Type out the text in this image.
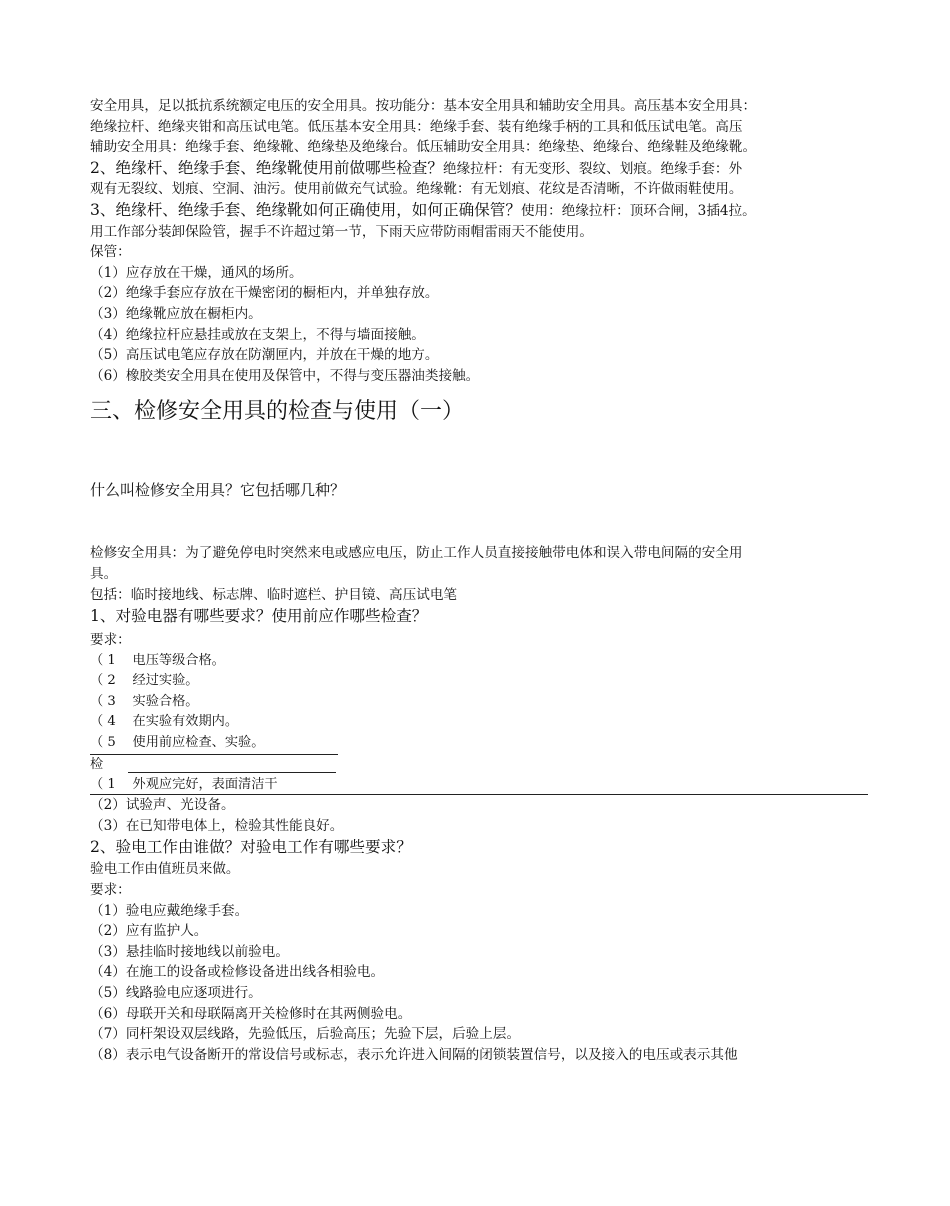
安全用具，足以抵抗系统额定电压的安全用具。按功能分：基本安全用具和辅助安全用具。高压基本安全用具：

绝缘拉杆、绝缘夹钳和高压试电笔。低压基本安全用具：绝缘手套、装有绝缘手柄的工具和低压试电笔。高压

辅助安全用具：绝缘手套、绝缘靴、绝缘垫及绝缘台。低压辅助安全用具：绝缘垫、绝缘台、绝缘鞋及绝缘靴。

2、绝缘杆、绝缘手套、绝缘靴使用前做哪些检查？绝缘拉杆：有无变形、裂纹、划痕。绝缘手套：外

观有无裂纹、划痕、空洞、油污。使用前做充气试验。绝缘靴：有无划痕、花纹是否清晰，不许做雨鞋使用。

3、绝缘杆、绝缘手套、绝缘靴如何正确使用，如何正确保管？使用：绝缘拉杆：顶环合闸，3插4拉。

用工作部分装卸保险管，握手不许超过第一节，下雨天应带防雨帽雷雨天不能使用。

保管：

（1）应存放在干燥，通风的场所。

（2）绝缘手套应存放在干燥密闭的橱柜内，并单独存放。

（3）绝缘靴应放在橱柜内。

（4）绝缘拉杆应悬挂或放在支架上，不得与墙面接触。

（5）高压试电笔应存放在防潮匣内，并放在干燥的地方。

（6）橡胶类安全用具在使用及保管中，不得与变压器油类接触。

三、检修安全用具的检查与使用（一）

什么叫检修安全用具？它包括哪几种？

检修安全用具：为了避免停电时突然来电或感应电压，防止工作人员直接接触带电体和误入带电间隔的安全用

具。

包括：临时接地线、标志牌、临时遮栏、护目镜、高压试电笔

1、对验电器有哪些要求？使用前应作哪些检查？

要求：

（ 1    电压等级合格。

（ 2    经过实验。

（ 3    实验合格。

（ 4    在实验有效期内。

（ 5    使用前应检查、实验。

检

（ 1    外观应完好，表面清洁干

（2）试验声、光设备。

（3）在已知带电体上，检验其性能良好。

2、验电工作由谁做？对验电工作有哪些要求？

验电工作由值班员来做。

要求：

（1）验电应戴绝缘手套。

（2）应有监护人。

（3）悬挂临时接地线以前验电。

（4）在施工的设备或检修设备进出线各相验电。

（5）线路验电应逐项进行。

（6）母联开关和母联隔离开关检修时在其两侧验电。

（7）同杆架设双层线路，先验低压，后验高压；先验下层，后验上层。

（8）表示电气设备断开的常设信号或标志，表示允许进入间隔的闭锁装置信号，以及接入的电压或表示其他
